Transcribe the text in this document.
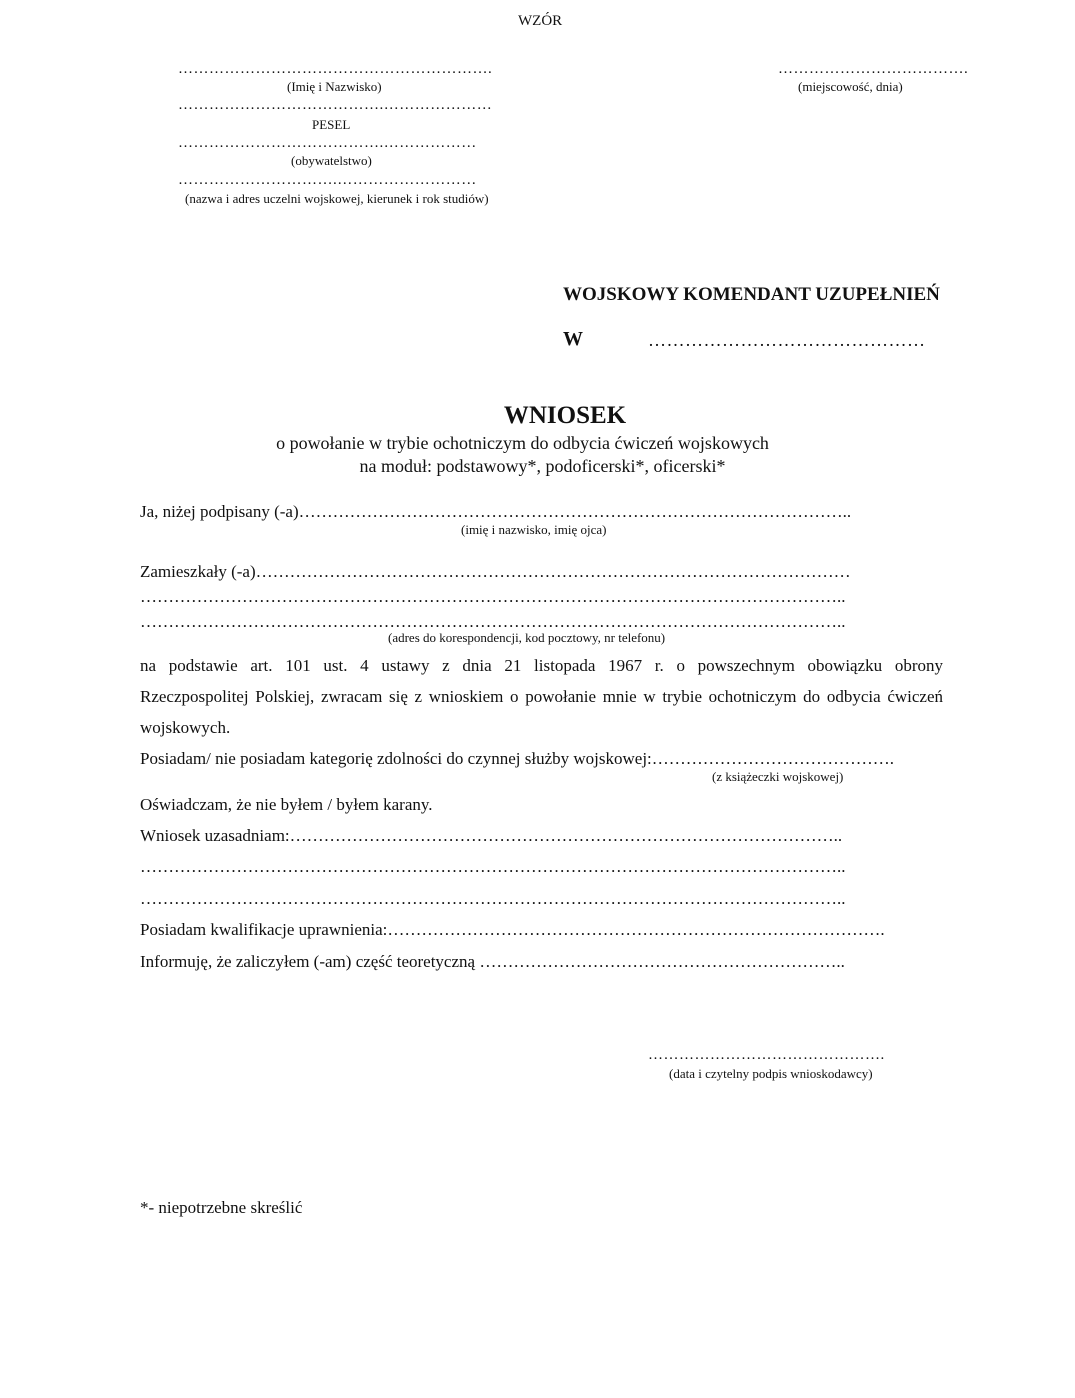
WZÓR
…………………………………………………….
(Imię i Nazwisko)
………………………………….…………………
PESEL
………………………………….………………
(obywatelstwo)
………………………….………………………
(nazwa i adres uczelni wojskowej, kierunek i rok studiów)
……………………………….
(miejscowość, dnia)
WOJSKOWY KOMENDANT UZUPEŁNIEŃ
W	………………………………………
WNIOSEK
o powołanie w trybie ochotniczym do odbycia ćwiczeń wojskowych
na moduł: podstawowy*, podoficerski*, oficerski*
Ja, niżej podpisany (-a)……………………………………………………………………………………..
(imię i nazwisko, imię ojca)
Zamieszkały (-a)……………………………………………………………………………………………
……………………………………………………………………………………………………………..
……………………………………………………………………………………………………………..
(adres do korespondencji, kod pocztowy, nr telefonu)
na podstawie art. 101 ust. 4 ustawy z dnia 21 listopada 1967 r. o powszechnym obowiązku obrony
Rzeczpospolitej Polskiej, zwracam się z wnioskiem o powołanie mnie w trybie ochotniczym do odbycia ćwiczeń
wojskowych.
Posiadam/ nie posiadam kategorię zdolności do czynnej służby wojskowej:…………………………………….
(z książeczki wojskowej)
Oświadczam, że nie byłem / byłem karany.
Wniosek uzasadniam:……………………………………………………………………………………..
……………………………………………………………………………………………………………..
……………………………………………………………………………………………………………..
Posiadam kwalifikacje uprawnienia:…………………………………………………………………………….
Informuję, że zaliczyłem (-am) część teoretyczną ………………………………………………………..
……………………………………….
(data i czytelny podpis wnioskodawcy)
*- niepotrzebne skreślić
